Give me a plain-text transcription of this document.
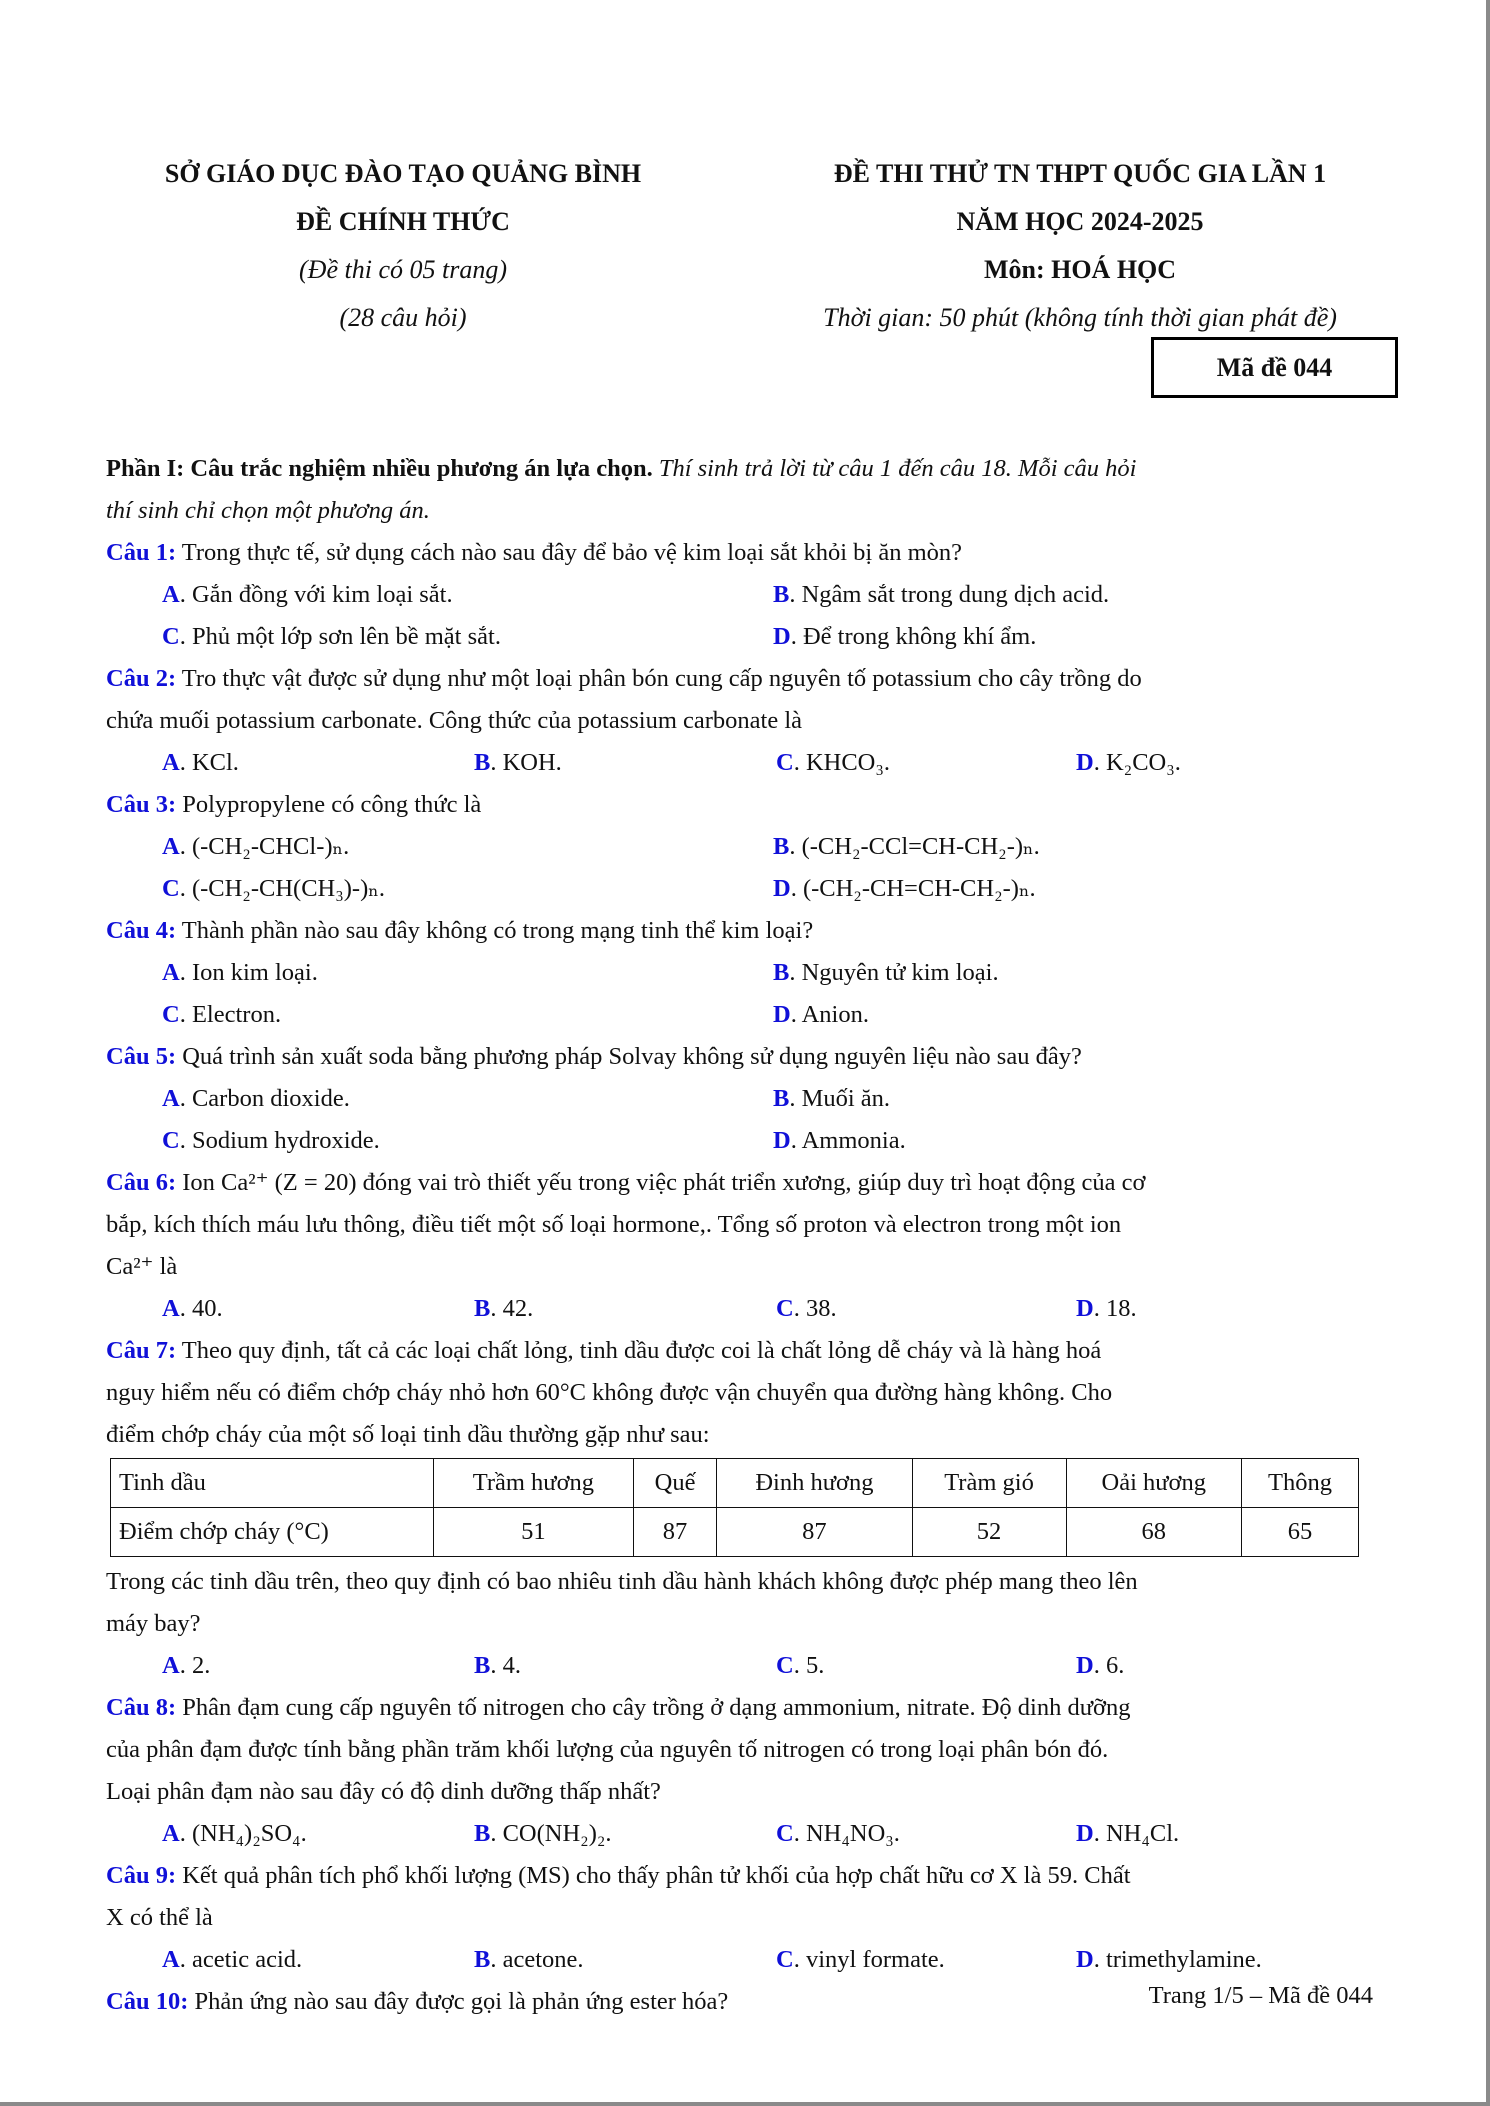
SỞ GIÁO DỤC ĐÀO TẠO QUẢNG BÌNH
ĐỀ CHÍNH THỨC
(Đề thi có 05 trang)
(28 câu hỏi)
ĐỀ THI THỬ TN THPT QUỐC GIA LẦN 1
NĂM HỌC 2024-2025
Môn: HOÁ HỌC
Thời gian: 50 phút (không tính thời gian phát đề)
Mã đề 044
Phần I: Câu trắc nghiệm nhiều phương án lựa chọn. Thí sinh trả lời từ câu 1 đến câu 18. Mỗi câu hỏi
thí sinh chỉ chọn một phương án.
Câu 1: Trong thực tế, sử dụng cách nào sau đây để bảo vệ kim loại sắt khỏi bị ăn mòn?
A. Gắn đồng với kim loại sắt.	B. Ngâm sắt trong dung dịch acid.
C. Phủ một lớp sơn lên bề mặt sắt.	D. Để trong không khí ẩm.
Câu 2: Tro thực vật được sử dụng như một loại phân bón cung cấp nguyên tố potassium cho cây trồng do
chứa muối potassium carbonate. Công thức của potassium carbonate là
A. KCl.	B. KOH.	C. KHCO₃.	D. K₂CO₃.
Câu 3: Polypropylene có công thức là
A. (-CH₂-CHCl-)ₙ.	B. (-CH₂-CCl=CH-CH₂-)ₙ.
C. (-CH₂-CH(CH₃)-)ₙ.	D. (-CH₂-CH=CH-CH₂-)ₙ.
Câu 4: Thành phần nào sau đây không có trong mạng tinh thể kim loại?
A. Ion kim loại.	B. Nguyên tử kim loại.
C. Electron.	D. Anion.
Câu 5: Quá trình sản xuất soda bằng phương pháp Solvay không sử dụng nguyên liệu nào sau đây?
A. Carbon dioxide.	B. Muối ăn.
C. Sodium hydroxide.	D. Ammonia.
Câu 6: Ion Ca²⁺ (Z = 20) đóng vai trò thiết yếu trong việc phát triển xương, giúp duy trì hoạt động của cơ
bắp, kích thích máu lưu thông, điều tiết một số loại hormone,. Tổng số proton và electron trong một ion
Ca²⁺ là
A. 40.	B. 42.	C. 38.	D. 18.
Câu 7: Theo quy định, tất cả các loại chất lỏng, tinh dầu được coi là chất lỏng dễ cháy và là hàng hoá
nguy hiểm nếu có điểm chớp cháy nhỏ hơn 60°C không được vận chuyển qua đường hàng không. Cho
điểm chớp cháy của một số loại tinh dầu thường gặp như sau:
Tinh dầu	Trầm hương	Quế	Đinh hương	Tràm gió	Oải hương	Thông
Điểm chớp cháy (°C)	51	87	87	52	68	65
Trong các tinh dầu trên, theo quy định có bao nhiêu tinh dầu hành khách không được phép mang theo lên
máy bay?
A. 2.	B. 4.	C. 5.	D. 6.
Câu 8: Phân đạm cung cấp nguyên tố nitrogen cho cây trồng ở dạng ammonium, nitrate. Độ dinh dưỡng
của phân đạm được tính bằng phần trăm khối lượng của nguyên tố nitrogen có trong loại phân bón đó.
Loại phân đạm nào sau đây có độ dinh dưỡng thấp nhất?
A. (NH₄)₂SO₄.	B. CO(NH₂)₂.	C. NH₄NO₃.	D. NH₄Cl.
Câu 9: Kết quả phân tích phổ khối lượng (MS) cho thấy phân tử khối của hợp chất hữu cơ X là 59. Chất
X có thể là
A. acetic acid.	B. acetone.	C. vinyl formate.	D. trimethylamine.
Câu 10: Phản ứng nào sau đây được gọi là phản ứng ester hóa?	Trang 1/5 – Mã đề 044
